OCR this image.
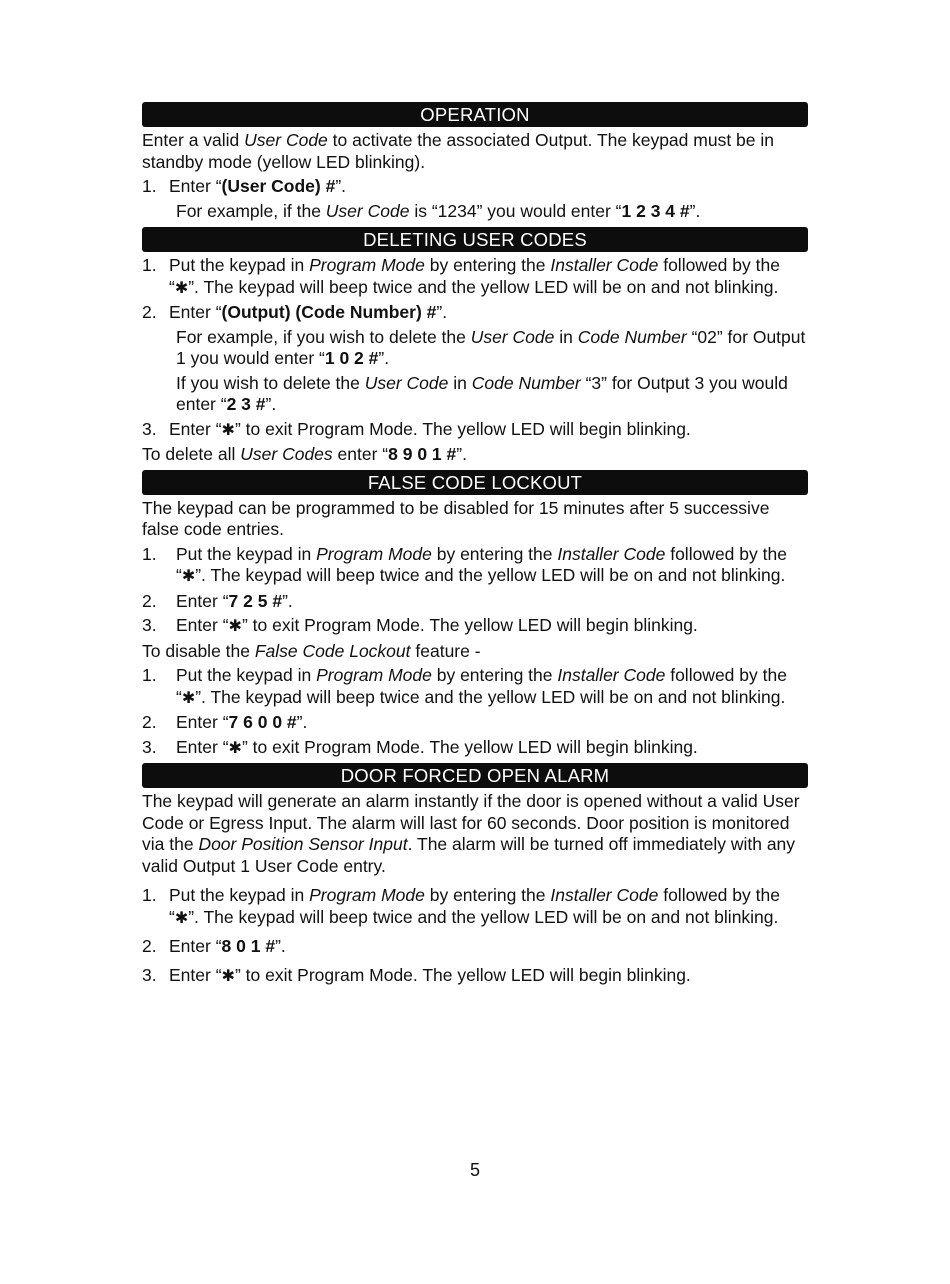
OPERATION
Enter a valid User Code to activate the associated Output. The keypad must be in standby mode (yellow LED blinking).
1. Enter “(User Code) #”.
For example, if the User Code is “1234” you would enter “1 2 3 4 #”.
DELETING USER CODES
1. Put the keypad in Program Mode by entering the Installer Code followed by the “✱”. The keypad will beep twice and the yellow LED will be on and not blinking.
2. Enter “(Output) (Code Number) #”.
For example, if you wish to delete the User Code in Code Number “02” for Output 1 you would enter “1 0 2 #”.
If you wish to delete the User Code in Code Number “3” for Output 3 you would enter “2 3 #”.
3. Enter “✱” to exit Program Mode. The yellow LED will begin blinking.
To delete all User Codes enter “8 9 0 1 #”.
FALSE CODE LOCKOUT
The keypad can be programmed to be disabled for 15 minutes after 5 successive false code entries.
1. Put the keypad in Program Mode by entering the Installer Code followed by the “✱”. The keypad will beep twice and the yellow LED will be on and not blinking.
2. Enter “7 2 5 #”.
3. Enter “✱” to exit Program Mode. The yellow LED will begin blinking.
To disable the False Code Lockout feature -
1. Put the keypad in Program Mode by entering the Installer Code followed by the “✱”. The keypad will beep twice and the yellow LED will be on and not blinking.
2. Enter “7 6 0 0 #”.
3. Enter “✱” to exit Program Mode. The yellow LED will begin blinking.
DOOR FORCED OPEN ALARM
The keypad will generate an alarm instantly if the door is opened without a valid User Code or Egress Input. The alarm will last for 60 seconds. Door position is monitored via the Door Position Sensor Input. The alarm will be turned off immediately with any valid Output 1 User Code entry.
1. Put the keypad in Program Mode by entering the Installer Code followed by the “✱”. The keypad will beep twice and the yellow LED will be on and not blinking.
2. Enter “8 0 1 #”.
3. Enter “✱” to exit Program Mode. The yellow LED will begin blinking.
5
